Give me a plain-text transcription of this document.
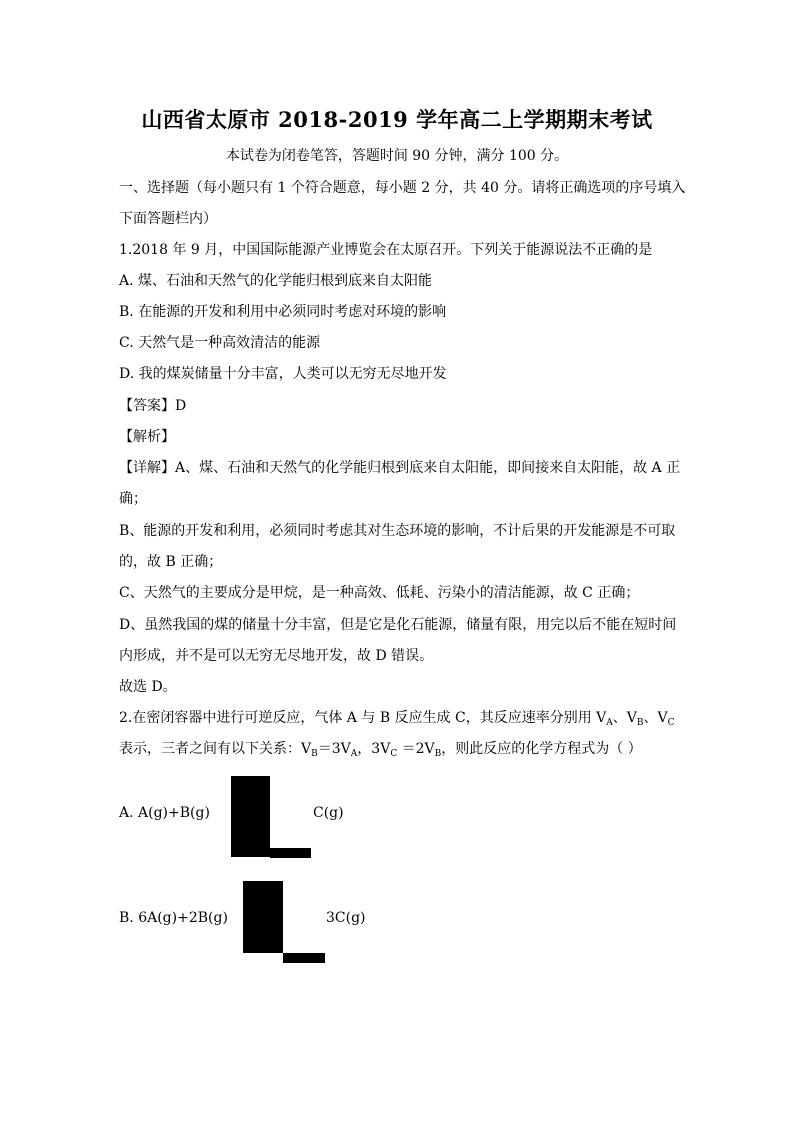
山西省太原市 2018-2019 学年高二上学期期末考试
本试卷为闭卷笔答，答题时间 90 分钟，满分 100 分。
一、选择题（每小题只有 1 个符合题意，每小题 2 分，共 40 分。请将正确选项的序号填入
下面答题栏内）
1.2018 年 9 月，中国国际能源产业博览会在太原召开。下列关于能源说法不正确的是
A. 煤、石油和天然气的化学能归根到底来自太阳能
B. 在能源的开发和利用中必须同时考虑对环境的影响
C. 天然气是一种高效清洁的能源
D. 我的煤炭储量十分丰富，人类可以无穷无尽地开发
【答案】D
【解析】
【详解】A、煤、石油和天然气的化学能归根到底来自太阳能，即间接来自太阳能，故 A 正
确；
B、能源的开发和利用，必须同时考虑其对生态环境的影响，不计后果的开发能源是不可取
的，故 B 正确；
C、天然气的主要成分是甲烷，是一种高效、低耗、污染小的清洁能源，故 C 正确；
D、虽然我国的煤的储量十分丰富，但是它是化石能源，储量有限，用完以后不能在短时间
内形成，并不是可以无穷无尽地开发，故 D 错误。
故选 D。
2.在密闭容器中进行可逆反应，气体 A 与 B 反应生成 C，其反应速率分别用 $V_A$、$V_B$、$V_C$
表示，三者之间有以下关系：$V_B=3V_A$，$3V_C =2V_B$，则此反应的化学方程式为（ ）
A. A(g)+B(g)	C(g)
B. 6A(g)+2B(g)	3C(g)
